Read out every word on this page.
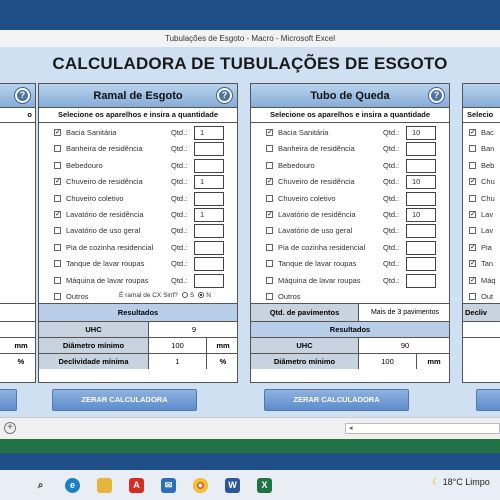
Tubulações de Esgoto - Macro - Microsoft Excel
CALCULADORA DE TUBULAÇÕES DE ESGOTO
?
o
mm
%
Ramal de Esgoto	?
Selecione os aparelhos e insira a quantidade
✓ Bacia Sanitária	Qtd.:	1
Banheira de residência	Qtd.:
Bebedouro	Qtd.:
✓ Chuveiro de residência	Qtd.:	1
Chuveiro coletivo	Qtd.:
✓ Lavatório de residência	Qtd.:	1
Lavatório de uso geral	Qtd.:
Pia de cozinha residencial Qtd.:
Tanque de lavar roupas	Qtd.:
Máquina de lavar roupas	Qtd.:
Outros	É ramal de CX Sinf? S N
Resultados
UHC	9
Diâmetro mínimo	100	mm
Declividade mínima	1	%
ZERAR CALCULADORA
Tubo de Queda	?
Selecione os aparelhos e insira a quantidade
✓ Bacia Sanitária	Qtd.:	10
Banheira de residência	Qtd.:
Bebedouro	Qtd.:
✓ Chuveiro de residência	Qtd.:	10
Chuveiro coletivo	Qtd.:
✓ Lavatório de residência	Qtd.:	10
Lavatório de uso geral	Qtd.:
Pia de cozinha residencial Qtd.:
Tanque de lavar roupas	Qtd.:
Máquina de lavar roupas	Qtd.:
Outros
Qtd. de pavimentos	Mais de 3 pavimentos
Resultados
UHC	90
Diâmetro mínimo	100	mm
ZERAR CALCULADORA
Selecio
✓ Bac
Ban
Beb
✓ Chu
Chu
✓ Lav
Lav
✓ Pia
✓ Tan
✓ Máq
Out
Decliv
+	◂
⌕	e	A	✉	●	W	X	☾ 18°C Limpo
